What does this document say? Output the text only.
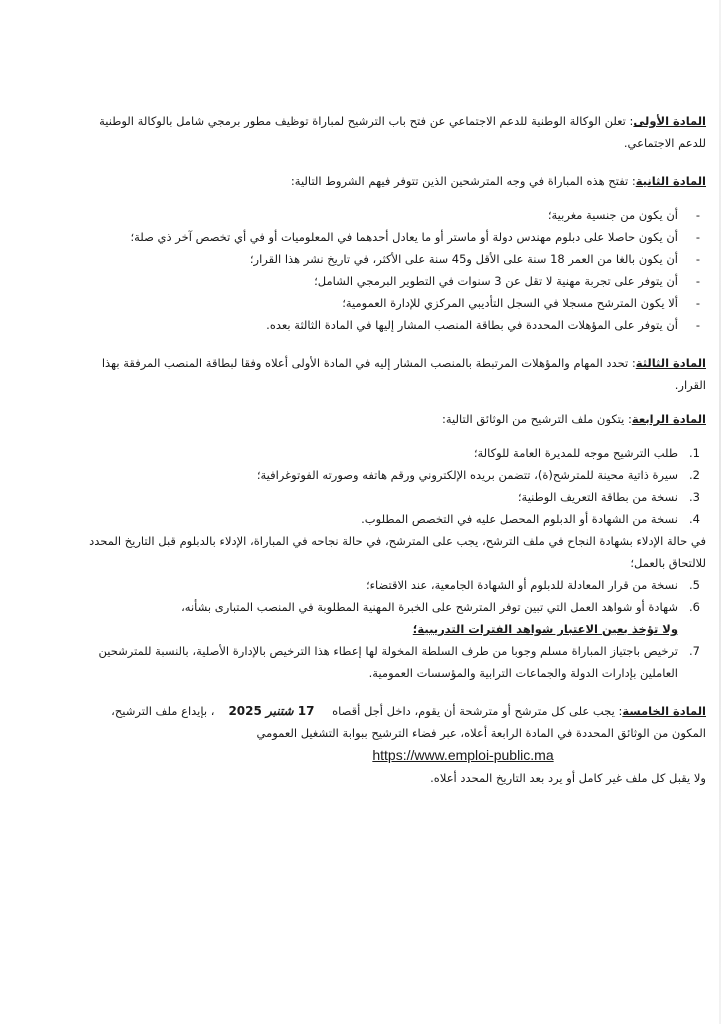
المادة الأولى: تعلن الوكالة الوطنية للدعم الاجتماعي عن فتح باب الترشيح لمباراة توظيف مطور برمجي شامل بالوكالة الوطنية للدعم الاجتماعي.

المادة الثانية: تفتح هذه المباراة في وجه المترشحين الذين تتوفر فيهم الشروط التالية:

-
أن يكون من جنسية مغربية؛
-
أن يكون حاصلا على دبلوم مهندس دولة أو ماستر أو ما يعادل أحدهما في المعلوميات أو في أي تخصص آخر ذي صلة؛
-
أن يكون بالغا من العمر 18 سنة على الأقل و45 سنة على الأكثر، في تاريخ نشر هذا القرار؛
-
أن يتوفر على تجربة مهنية لا تقل عن 3 سنوات في التطوير البرمجي الشامل؛
-
ألا يكون المترشح مسجلا في السجل التأديبي المركزي للإدارة العمومية؛
-
أن يتوفر على المؤهلات المحددة في بطاقة المنصب المشار إليها في المادة الثالثة بعده.

المادة الثالثة: تحدد المهام والمؤهلات المرتبطة بالمنصب المشار إليه في المادة الأولى أعلاه وفقا لبطاقة المنصب المرفقة بهذا القرار.

المادة الرابعة: يتكون ملف الترشيح من الوثائق التالية:

1.
طلب الترشيح موجه للمديرة العامة للوكالة؛
2.
سيرة ذاتية محينة للمترشح(ة)، تتضمن بريده الإلكتروني ورقم هاتفه وصورته الفوتوغرافية؛
3.
نسخة من بطاقة التعريف الوطنية؛
4.
نسخة من الشهادة أو الدبلوم المحصل عليه في التخصص المطلوب.

في حالة الإدلاء بشهادة النجاح في ملف الترشح، يجب على المترشح، في حالة نجاحه في المباراة، الإدلاء بالدبلوم قبل التاريخ المحدد للالتحاق بالعمل؛

5.
نسخة من قرار المعادلة للدبلوم أو الشهادة الجامعية، عند الاقتضاء؛
6.
شهادة أو شواهد العمل التي تبين توفر المترشح على الخبرة المهنية المطلوبة في المنصب المتبارى بشأنه،
ولا تؤخذ بعين الاعتبار شواهد الفترات التدريبية؛
7.
ترخيص باجتياز المباراة مسلم وجوبا من طرف السلطة المخولة لها إعطاء هذا الترخيص بالإدارة الأصلية، بالنسبة للمترشحين العاملين بإدارات الدولة والجماعات الترابية والمؤسسات العمومية.

المادة الخامسة: يجب على كل مترشح أو مترشحة أن يقوم، داخل أجل أقصاه 17 شتنبر 2025، بإيداع ملف الترشيح، المكون من الوثائق المحددة في المادة الرابعة أعلاه، عبر فضاء الترشيح ببوابة التشغيل العمومي

https://www.emploi-public.ma

ولا يقبل كل ملف غير كامل أو يرد بعد التاريخ المحدد أعلاه.
